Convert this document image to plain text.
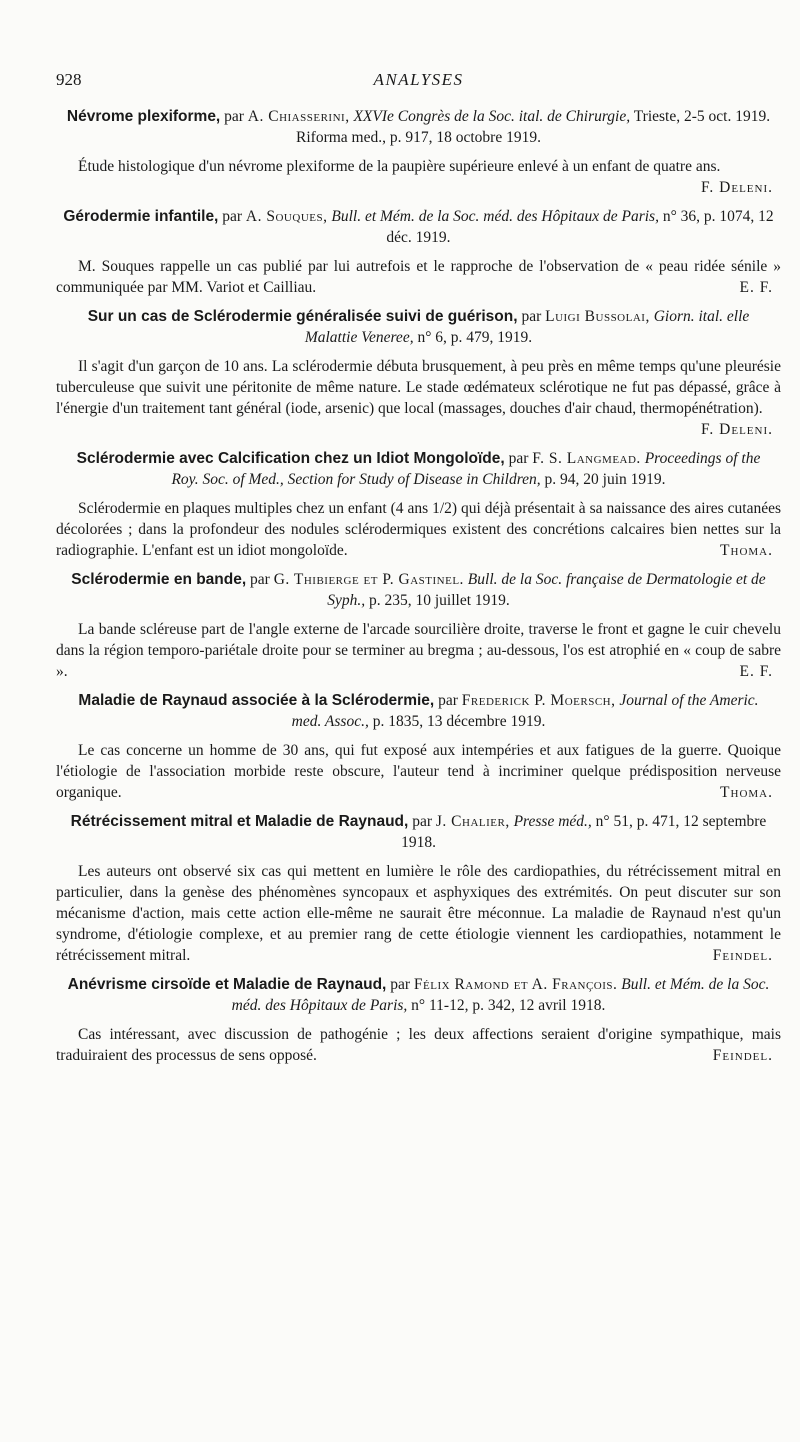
928	ANALYSES
Névrome plexiforme, par A. Chiasserini, XXVIe Congrès de la Soc. ital. de Chirurgie, Trieste, 2-5 oct. 1919. Riforma med., p. 917, 18 octobre 1919.
Étude histologique d'un névrome plexiforme de la paupière supérieure enlevé à un enfant de quatre ans.
F. Deleni.
Gérodermie infantile, par A. Souques, Bull. et Mém. de la Soc. méd. des Hôpitaux de Paris, n° 36, p. 1074, 12 déc. 1919.
M. Souques rappelle un cas publié par lui autrefois et le rapproche de l'observation de « peau ridée sénile » communiquée par MM. Variot et Cailliau.	E. F.
Sur un cas de Sclérodermie généralisée suivi de guérison, par Luigi Bussolai, Giorn. ital. elle Malattie Veneree, n° 6, p. 479, 1919.
Il s'agit d'un garçon de 10 ans. La sclérodermie débuta brusquement, à peu près en même temps qu'une pleurésie tuberculeuse que suivit une péritonite de même nature. Le stade œdémateux sclérotique ne fut pas dépassé, grâce à l'énergie d'un traitement tant général (iode, arsenic) que local (massages, douches d'air chaud, thermopénétration).
F. Deleni.
Sclérodermie avec Calcification chez un Idiot Mongoloïde, par F. S. Langmead. Proceedings of the Roy. Soc. of Med., Section for Study of Disease in Children, p. 94, 20 juin 1919.
Sclérodermie en plaques multiples chez un enfant (4 ans 1/2) qui déjà présentait à sa naissance des aires cutanées décolorées ; dans la profondeur des nodules sclérodermiques existent des concrétions calcaires bien nettes sur la radiographie. L'enfant est un idiot mongoloïde.	Thoma.
Sclérodermie en bande, par G. Thibierge et P. Gastinel. Bull. de la Soc. française de Dermatologie et de Syph., p. 235, 10 juillet 1919.
La bande scléreuse part de l'angle externe de l'arcade sourcilière droite, traverse le front et gagne le cuir chevelu dans la région temporo-pariétale droite pour se terminer au bregma ; au-dessous, l'os est atrophié en « coup de sabre ».	E. F.
Maladie de Raynaud associée à la Sclérodermie, par Frederick P. Moersch, Journal of the Americ. med. Assoc., p. 1835, 13 décembre 1919.
Le cas concerne un homme de 30 ans, qui fut exposé aux intempéries et aux fatigues de la guerre. Quoique l'étiologie de l'association morbide reste obscure, l'auteur tend à incriminer quelque prédisposition nerveuse organique.	Thoma.
Rétrécissement mitral et Maladie de Raynaud, par J. Chalier, Presse méd., n° 51, p. 471, 12 septembre 1918.
Les auteurs ont observé six cas qui mettent en lumière le rôle des cardiopathies, du rétrécissement mitral en particulier, dans la genèse des phénomènes syncopaux et asphyxiques des extrémités. On peut discuter sur son mécanisme d'action, mais cette action elle-même ne saurait être méconnue. La maladie de Raynaud n'est qu'un syndrome, d'étiologie complexe, et au premier rang de cette étiologie viennent les cardiopathies, notamment le rétrécissement mitral.	Feindel.
Anévrisme cirsoïde et Maladie de Raynaud, par Félix Ramond et A. François. Bull. et Mém. de la Soc. méd. des Hôpitaux de Paris, n° 11-12, p. 342, 12 avril 1918.
Cas intéressant, avec discussion de pathogénie ; les deux affections seraient d'origine sympathique, mais traduiraient des processus de sens opposé.	Feindel.
